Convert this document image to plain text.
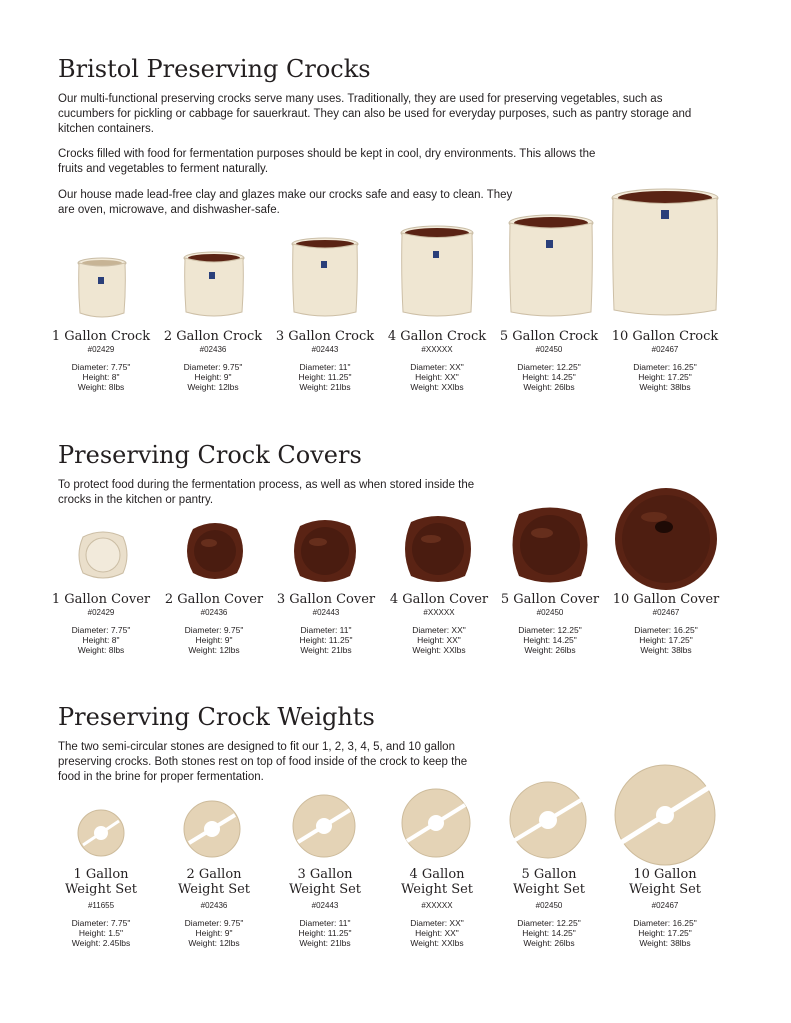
Bristol Preserving Crocks

Our multi-functional preserving crocks serve many uses. Traditionally, they are used for preserving vegetables, such as cucumbers for pickling or cabbage for sauerkraut. They can also be used for everyday purposes, such as pantry storage and kitchen containers.

Crocks filled with food for fermentation purposes should be kept in cool, dry environments. This allows the fruits and vegetables to ferment naturally.

Our house made lead-free clay and glazes make our crocks safe and easy to clean. They are oven, microwave, and dishwasher-safe.

1 Gallon Crock
#02429
Diameter: 7.75"
Height: 8"
Weight: 8lbs
2 Gallon Crock
#02436
Diameter: 9.75"
Height: 9"
Weight: 12lbs
3 Gallon Crock
#02443
Diameter: 11"
Height: 11.25"
Weight: 21lbs
4 Gallon Crock
#XXXXX
Diameter: XX"
Height: XX"
Weight: XXlbs
5 Gallon Crock
#02450
Diameter: 12.25"
Height: 14.25"
Weight: 26lbs
10 Gallon Crock
#02467
Diameter: 16.25"
Height: 17.25"
Weight: 38lbs
Preserving Crock Covers

To protect food during the fermentation process, as well as when stored inside the crocks in the kitchen or pantry.

1 Gallon Cover
#02429
Diameter: 7.75"
Height: 8"
Weight: 8lbs
2 Gallon Cover
#02436
Diameter: 9.75"
Height: 9"
Weight: 12lbs
3 Gallon Cover
#02443
Diameter: 11"
Height: 11.25"
Weight: 21lbs
4 Gallon Cover
#XXXXX
Diameter: XX"
Height: XX"
Weight: XXlbs
5 Gallon Cover
#02450
Diameter: 12.25"
Height: 14.25"
Weight: 26lbs
10 Gallon Cover
#02467
Diameter: 16.25"
Height: 17.25"
Weight: 38lbs
Preserving Crock Weights

The two semi-circular stones are designed to fit our 1, 2, 3, 4, 5, and 10 gallon preserving crocks. Both stones rest on top of food inside of the crock to keep the food in the brine for proper fermentation.

1 Gallon
Weight Set
#11655
Diameter: 7.75"
Height: 1.5"
Weight: 2.45lbs
2 Gallon
Weight Set
#02436
Diameter: 9.75"
Height: 9"
Weight: 12lbs
3 Gallon
Weight Set
#02443
Diameter: 11"
Height: 11.25"
Weight: 21lbs
4 Gallon
Weight Set
#XXXXX
Diameter: XX"
Height: XX"
Weight: XXlbs
5 Gallon
Weight Set
#02450
Diameter: 12.25"
Height: 14.25"
Weight: 26lbs
10 Gallon
Weight Set
#02467
Diameter: 16.25"
Height: 17.25"
Weight: 38lbs
